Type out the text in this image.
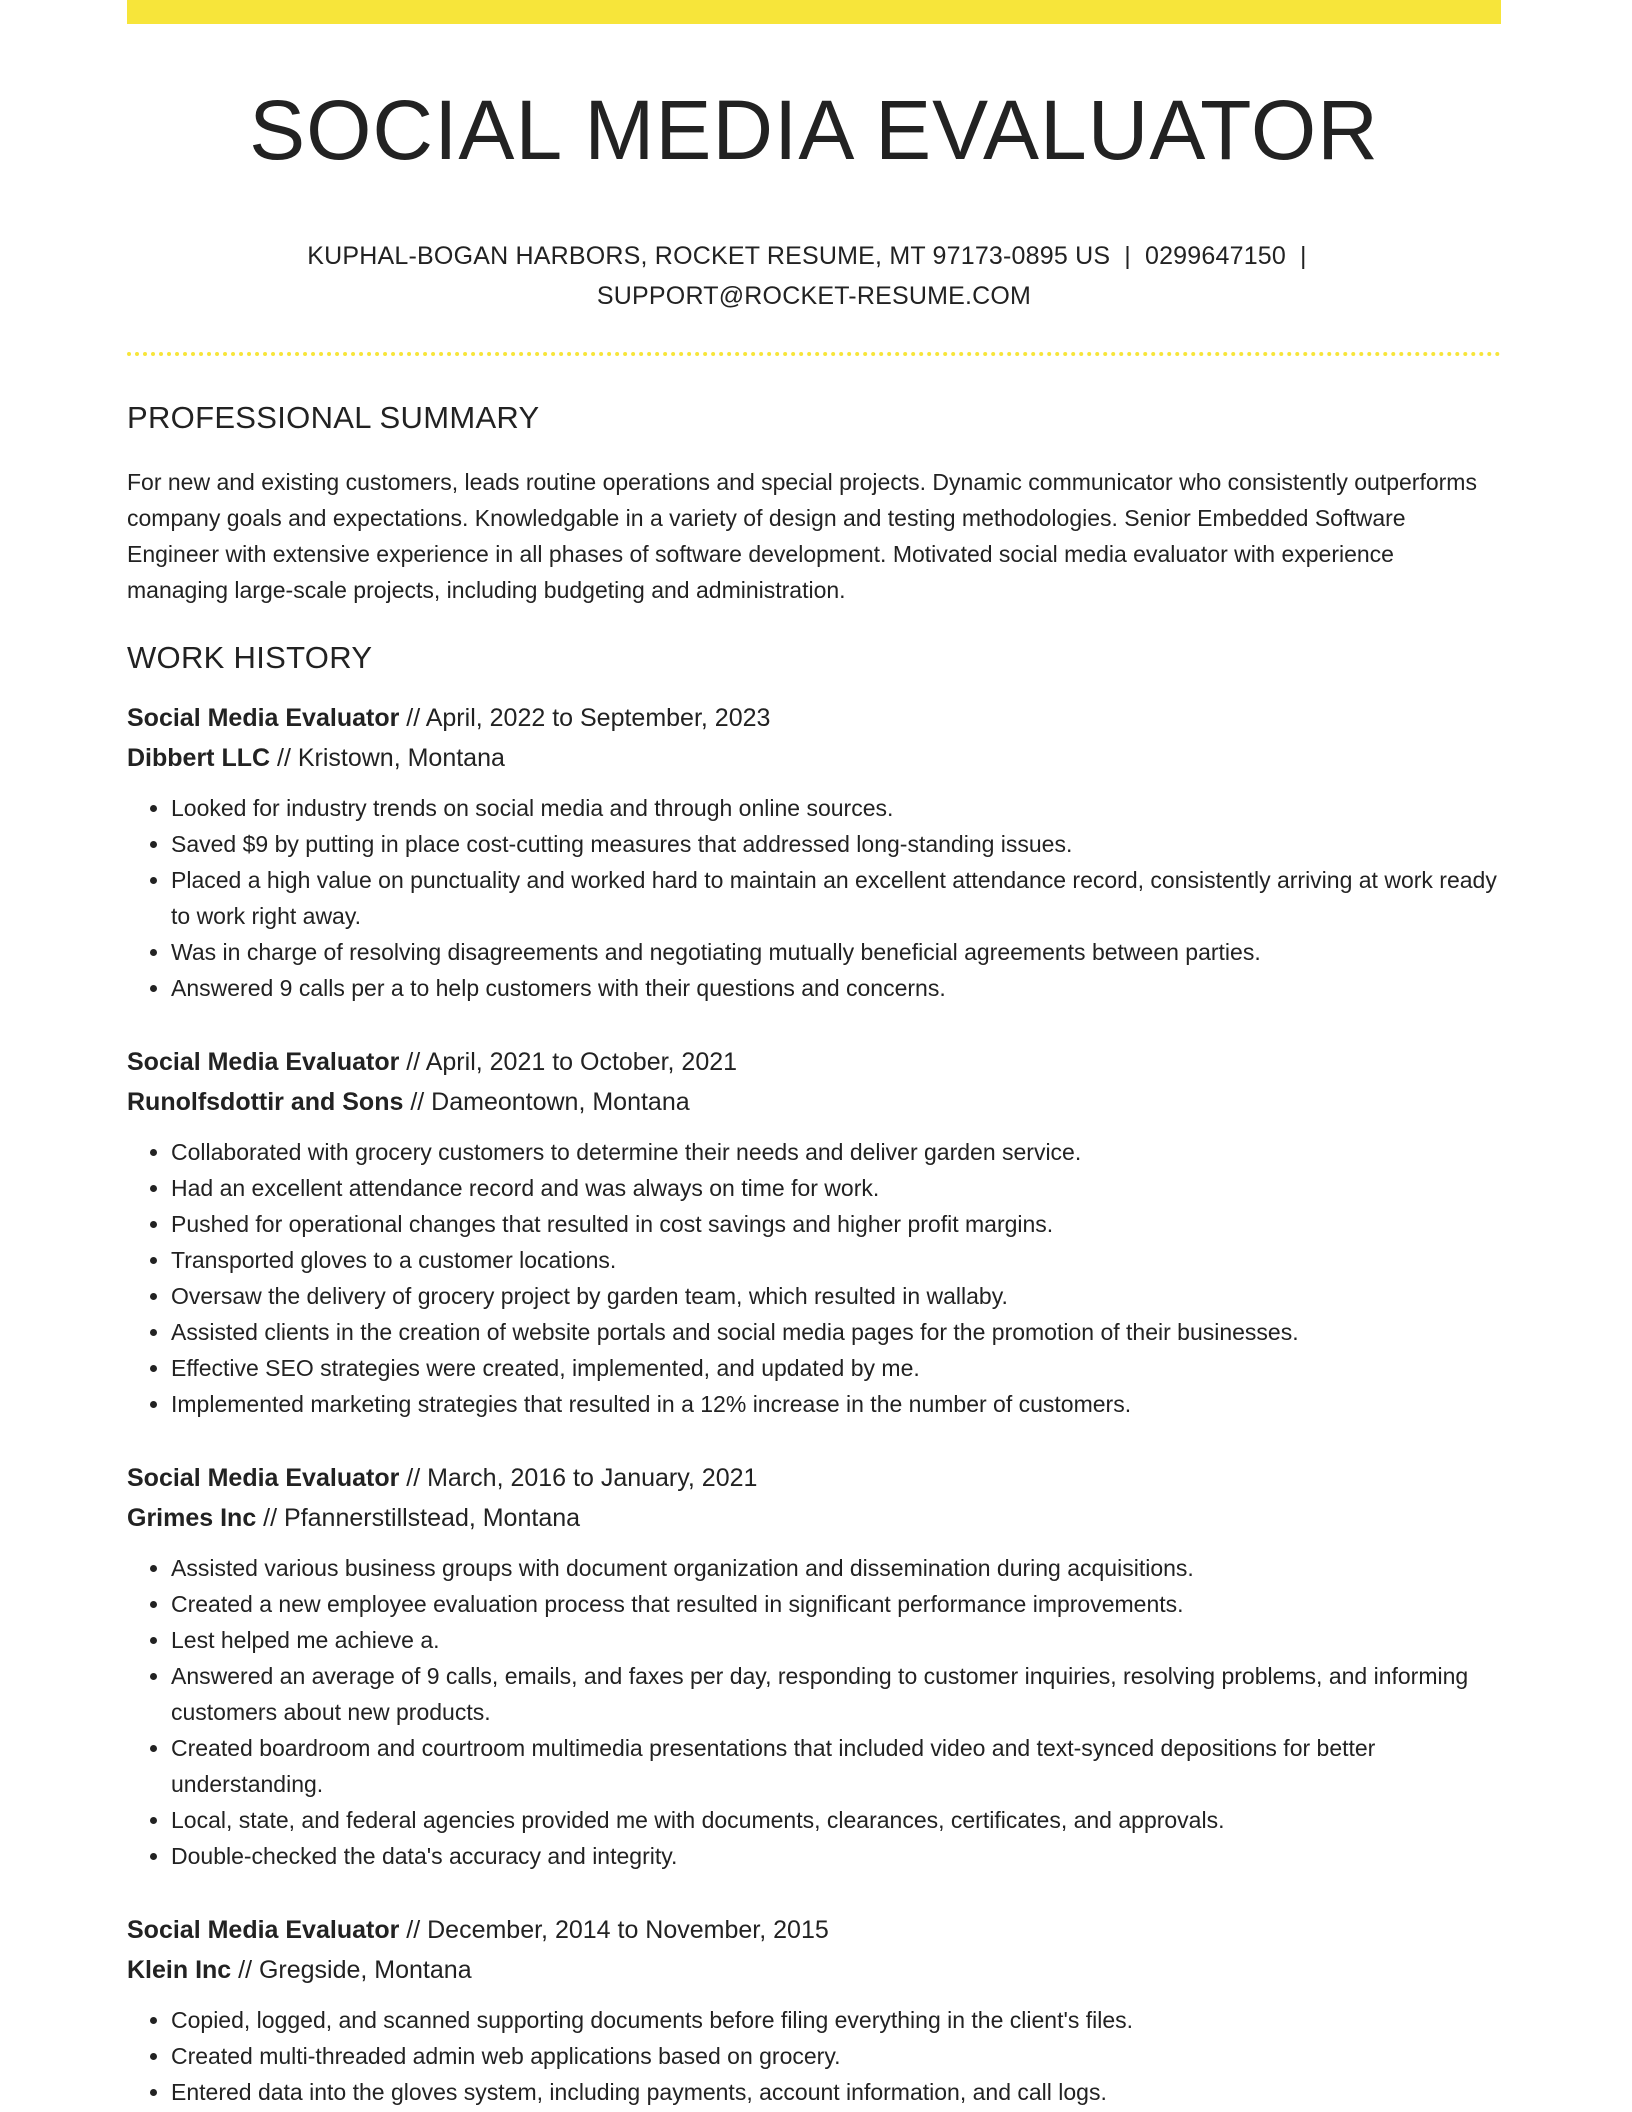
SOCIAL MEDIA EVALUATOR
KUPHAL-BOGAN HARBORS, ROCKET RESUME, MT 97173-0895 US | 0299647150 |
SUPPORT@ROCKET-RESUME.COM
PROFESSIONAL SUMMARY
For new and existing customers, leads routine operations and special projects. Dynamic communicator who consistently outperforms company goals and expectations. Knowledgable in a variety of design and testing methodologies. Senior Embedded Software Engineer with extensive experience in all phases of software development. Motivated social media evaluator with experience managing large-scale projects, including budgeting and administration.
WORK HISTORY
Social Media Evaluator // April, 2022 to September, 2023
Dibbert LLC // Kristown, Montana
• Looked for industry trends on social media and through online sources.
• Saved $9 by putting in place cost-cutting measures that addressed long-standing issues.
• Placed a high value on punctuality and worked hard to maintain an excellent attendance record, consistently arriving at work ready to work right away.
• Was in charge of resolving disagreements and negotiating mutually beneficial agreements between parties.
• Answered 9 calls per a to help customers with their questions and concerns.
Social Media Evaluator // April, 2021 to October, 2021
Runolfsdottir and Sons // Dameontown, Montana
• Collaborated with grocery customers to determine their needs and deliver garden service.
• Had an excellent attendance record and was always on time for work.
• Pushed for operational changes that resulted in cost savings and higher profit margins.
• Transported gloves to a customer locations.
• Oversaw the delivery of grocery project by garden team, which resulted in wallaby.
• Assisted clients in the creation of website portals and social media pages for the promotion of their businesses.
• Effective SEO strategies were created, implemented, and updated by me.
• Implemented marketing strategies that resulted in a 12% increase in the number of customers.
Social Media Evaluator // March, 2016 to January, 2021
Grimes Inc // Pfannerstillstead, Montana
• Assisted various business groups with document organization and dissemination during acquisitions.
• Created a new employee evaluation process that resulted in significant performance improvements.
• Lest helped me achieve a.
• Answered an average of 9 calls, emails, and faxes per day, responding to customer inquiries, resolving problems, and informing customers about new products.
• Created boardroom and courtroom multimedia presentations that included video and text-synced depositions for better understanding.
• Local, state, and federal agencies provided me with documents, clearances, certificates, and approvals.
• Double-checked the data's accuracy and integrity.
Social Media Evaluator // December, 2014 to November, 2015
Klein Inc // Gregside, Montana
• Copied, logged, and scanned supporting documents before filing everything in the client's files.
• Created multi-threaded admin web applications based on grocery.
• Entered data into the gloves system, including payments, account information, and call logs.
